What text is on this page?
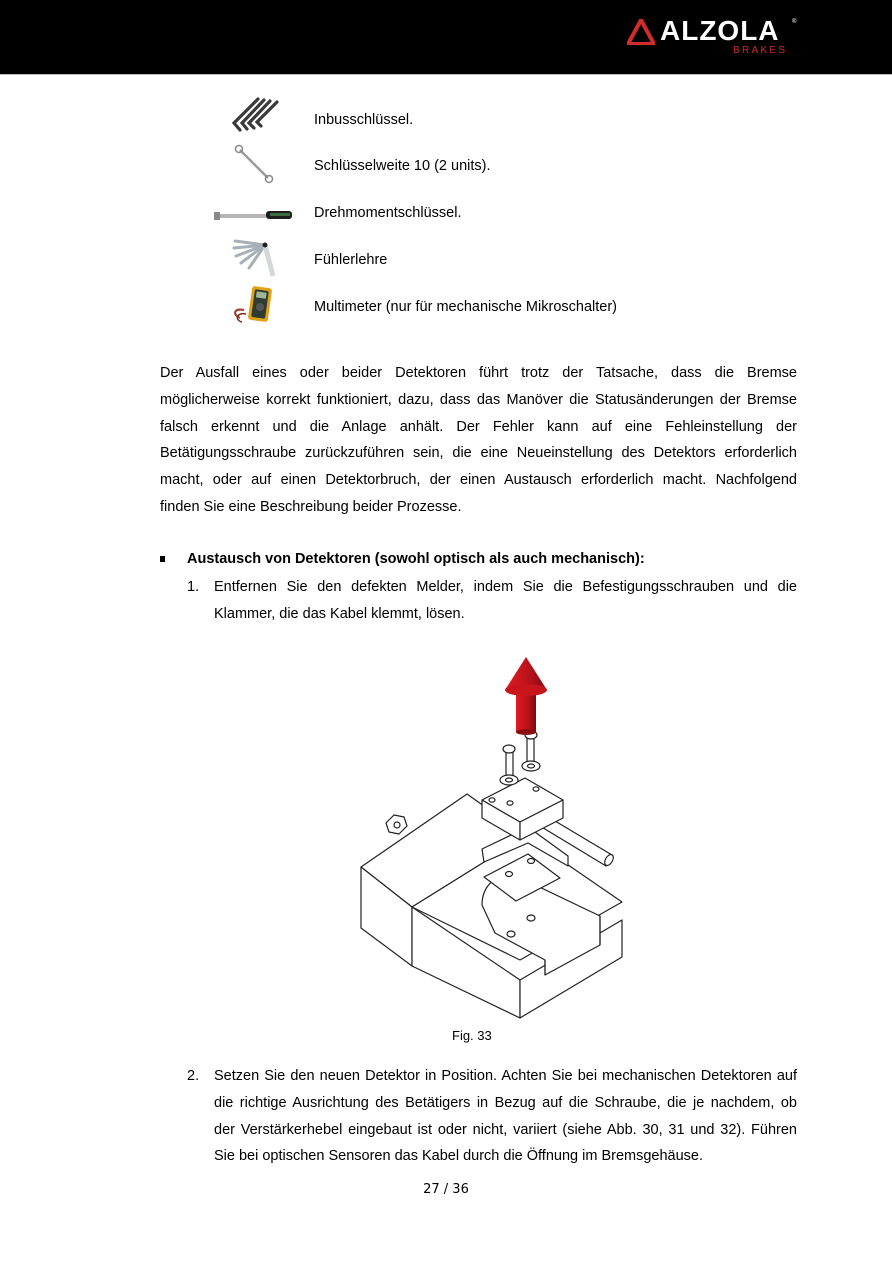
ALZOLA ®
BRAKES
Inbusschlüssel.
Schlüsselweite 10 (2 units).
Drehmomentschlüssel.
Fühlerlehre
Multimeter (nur für mechanische Mikroschalter)
Der Ausfall eines oder beider Detektoren führt trotz der Tatsache, dass die Bremse
möglicherweise korrekt funktioniert, dazu, dass das Manöver die Statusänderungen der Bremse
falsch erkennt und die Anlage anhält. Der Fehler kann auf eine Fehleinstellung der
Betätigungsschraube zurückzuführen sein, die eine Neueinstellung des Detektors erforderlich
macht, oder auf einen Detektorbruch, der einen Austausch erforderlich macht. Nachfolgend
finden Sie eine Beschreibung beider Prozesse.
Austausch von Detektoren (sowohl optisch als auch mechanisch):
1. Entfernen Sie den defekten Melder, indem Sie die Befestigungsschrauben und die
Klammer, die das Kabel klemmt, lösen.
Fig. 33
2. Setzen Sie den neuen Detektor in Position. Achten Sie bei mechanischen Detektoren auf
die richtige Ausrichtung des Betätigers in Bezug auf die Schraube, die je nachdem, ob
der Verstärkerhebel eingebaut ist oder nicht, variiert (siehe Abb. 30, 31 und 32). Führen
Sie bei optischen Sensoren das Kabel durch die Öffnung im Bremsgehäuse.
27 / 36
